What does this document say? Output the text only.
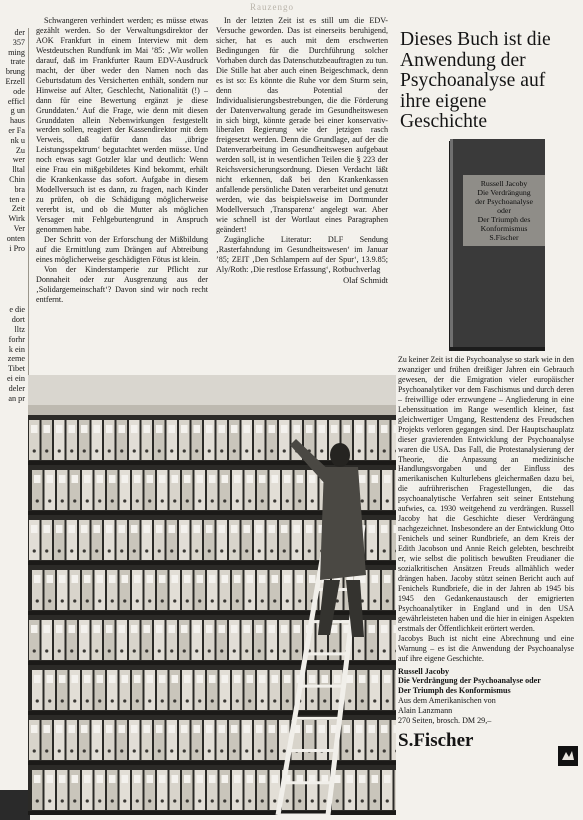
Rauzengo
der
357
ming
trate
brung
Erzell
ode
efficl
g un
haus
er Fa
nk u
Zu
wer
lltal
Chin
bra
ten e
Zeit
Wirk
Ver
onten
i Pro
e die
dort
lltz
forhr
k ein
zeme
Tibet
ei ein
deler
an pr

Schwangeren verhindert werden; es müsse etwas gezählt werden. So der Verwaltungsdirektor der AOK Frankfurt in einem Interview mit dem Westdeutschen Rundfunk im Mai ’85: ‚Wir wollen darauf, daß im Frankfurter Raum EDV-Ausdruck macht, der über weder den Namen noch das Geburtsdatum des Versicherten enthält, sondern nur Hinweise auf Alter, Geschlecht, Nationalität (!) – dann für eine Bewertung ergänzt je diese Grunddaten.‘ Auf die Frage, wie denn mit diesen Grunddaten allein Nebenwirkungen festgestellt werden sollen, reagiert der Kassendirektor mit dem Verweis, daß dafür dann das ‚übrige Leistungsspektrum‘ begutachtet werden müsse. Und noch etwas sagt Gotzler klar und deutlich: Wenn eine Frau ein mißgebildetes Kind bekommt, erhält die Krankenkasse das sofort. Aufgabe in diesem Modellversuch ist es dann, zu fragen, nach Kinder zu prüfen, ob die Schädigung möglicherweise vererbt ist, und ob die Mutter als möglichen Versager mit Fehlgeburtengrund in Anspruch genommen habe.

Der Schritt von der Erforschung der Mißbildung auf die Ermittlung zum Drängen auf Abtreibung eines möglicherweise geschädigten Fötus ist klein.

Von der Kinderstamperie zur Pflicht zur Donnaheit oder zur Ausgrenzung aus der ‚Solidargemeinschaft‘? Davon sind wir noch recht entfernt.

In der letzten Zeit ist es still um die EDV-Versuche geworden. Das ist einerseits beruhigend, sicher, hat es auch mit dem erschwerten Bedingungen für die Durchführung solcher Vorhaben durch das Datenschutzbeauftragten zu tun. Die Stille hat aber auch einen Beigeschmack, denn es ist so: Es könnte die Ruhe vor dem Sturm sein, denn das Potential der Individualisierungsbestrebungen, die die Förderung der Datenverwaltung gerade im Gesundheitswesen in sich birgt, könnte gerade bei einer konservativ-liberalen Regierung wie der jetzigen rasch freigesetzt werden. Denn die Grundlage, auf der die Datenverarbeitung im Gesundheitswesen aufgebaut werden soll, ist in wesentlichen Teilen die § 223 der Reichsversicherungsordnung. Diesen Verdacht läßt nicht erkennen, daß bei den Krankenkassen anfallende persönliche Daten verarbeitet und genutzt werden, wie das beispielsweise im Dortmunder Modellversuch ‚Transparenz‘ angelegt war. Aber wie schnell ist der Wortlaut eines Paragraphen geändert!

Zugängliche Literatur: DLF Sendung ‚Rasterfahndung im Gesundheitswesen‘ im Januar ’85; ZEIT ‚Den Schlampern auf der Spur‘, 13.9.85; Aly/Roth: ‚Die restlose Erfassung‘, Rotbuchverlag

Olaf Schmidt
Dieses Buch ist die Anwendung der Psychoanalyse auf ihre eigene Geschichte
Russell Jacoby
Die Verdrängung
der Psychoanalyse
oder
Der Triumph des
Konformismus
S.Fischer

Zu keiner Zeit ist die Psychoanalyse so stark wie in den zwanziger und frühen dreißiger Jahren ein Gebrauch gewesen, der die Emigration vieler europäischer Psychoanalytiker vor dem Faschismus und durch deren – freiwillige oder erzwungene – Angliederung in eine Lebenssituation im Range wesentlich kleiner, fast gleichwertiger Umgang, Resttendenz des Freudschen Projekts verloren gegangen sind. Der Hauptschauplatz dieser gravierenden Entwicklung der Psychoanalyse waren die USA. Das Fall, die Protestanalysierung der Theorie, die Anpassung an medizinische Handlungsvorgaben und der Einfluss des amerikanischen Kulturlebens gleichermaßen dazu bei, die aufrührerischen Fragestellungen, die das psychoanalytische Verfahren seit seiner Entstehung aufwies, ca. 1930 weitgehend zu verdrängen. Russell Jacoby hat die Geschichte dieser Verdrängung nachgezeichnet. Insbesondere an der Entwicklung Otto Fenichels und seiner Rundbriefe, an dem Kreis der Edith Jacobson und Annie Reich gelebten, beschreibt er, wie selbst die politisch bewußten Freudianer die sozialkritischen Ansätzen Freuds allmählich weder drängen haben. Jacoby stützt seinen Bericht auch auf Fenichels Rundbriefe, die in der Jahren ab 1945 bis 1945 den Gedankenaustausch der emigrierten Psychoanalytiker in England und in den USA gewährleisteten haben und die hier in einigen Aspekten erstmals der Öffentlichkeit erörtert werden.

Jacobys Buch ist nicht eine Abrechnung und eine Warnung – es ist die Anwendung der Psychoanalyse auf ihre eigene Geschichte.

Russell Jacoby
Die Verdrängung der Psychoanalyse oder
Der Triumph des Konformismus
Aus dem Amerikanischen von
Alain Lanzmann
270 Seiten, brosch. DM 29,–
S.Fischer
